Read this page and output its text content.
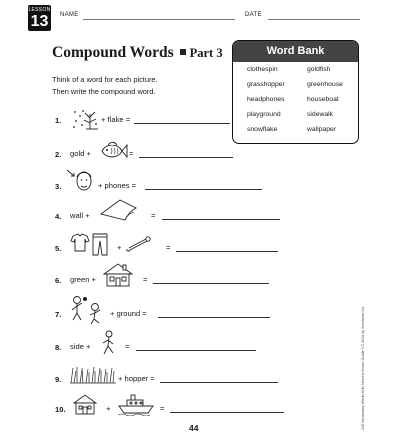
LESSON
13	NAME	DATE
Compound Words Part 3
Think of a word for each picture.
Then write the compound word.
Word Bank
clothespin	goldfish
grasshopper	greenhouse
headphones	houseboat
playground	sidewalk
snowflake	wallpaper
1.	+ flake =
2. gold +	=
3.	+ phones =
4. wall +	=
5.	+	=
6. green +	=
7.	+ ground =
8. side +	=
9.	+ hopper =
10.	+	=	240 Vocabulary Words Kids Need to Know: Grade 3 © 2012 by Scholastic Inc.
44
